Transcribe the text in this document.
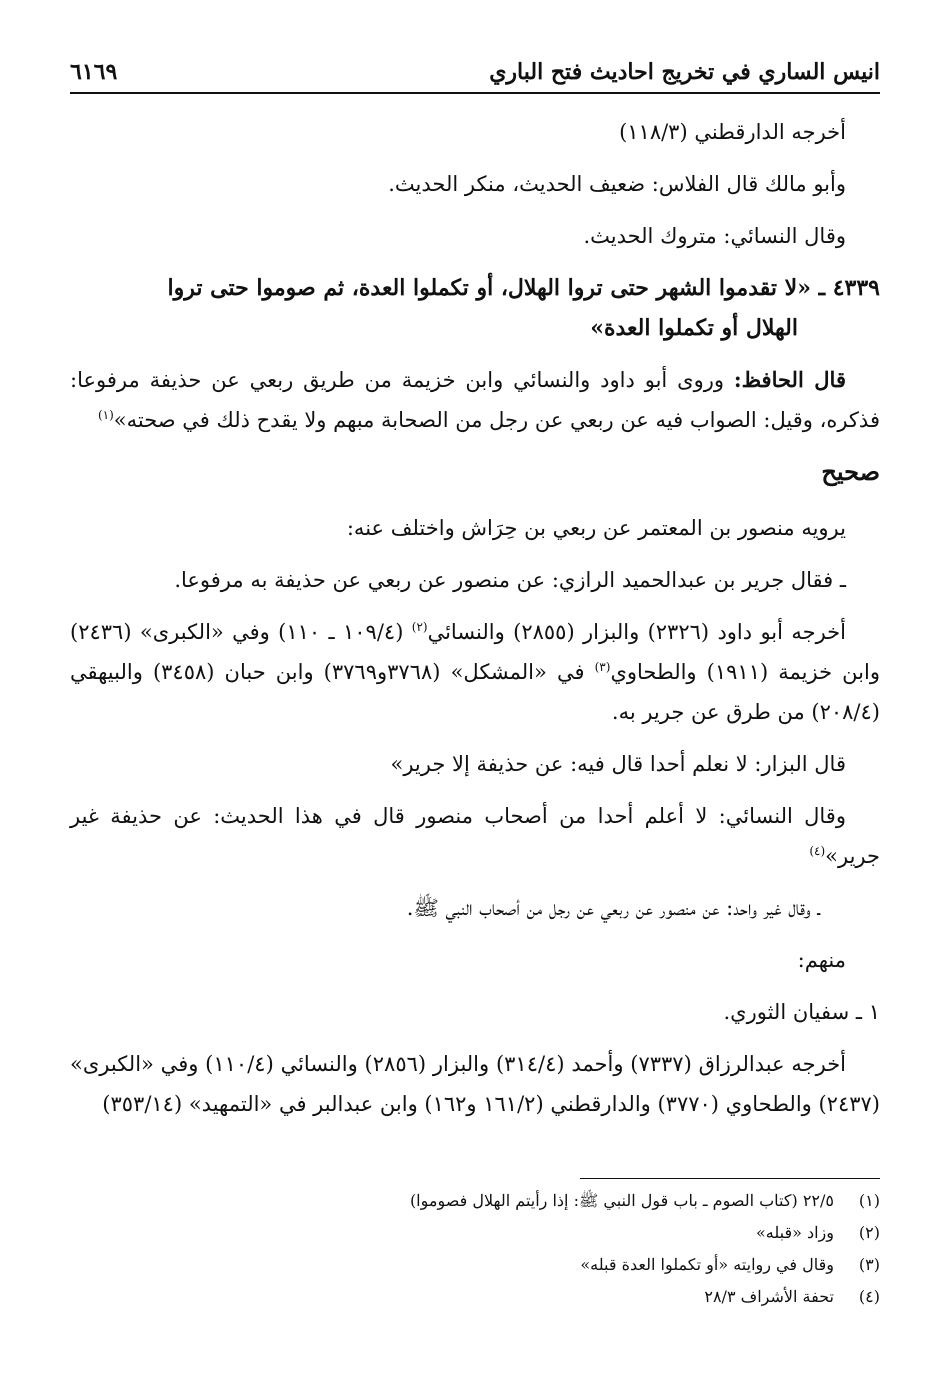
انيس الساري في تخريج احاديث فتح الباري
٦١٦٩

أخرجه الدارقطني (١١٨/٣)

وأبو مالك قال الفلاس: ضعيف الحديث، منكر الحديث.

وقال النسائي: متروك الحديث.

٤٣٣٩ ـ «لا تقدموا الشهر حتى تروا الهلال، أو تكملوا العدة، ثم صوموا حتى تروا
الهلال أو تكملوا العدة»

قال الحافظ: وروى أبو داود والنسائي وابن خزيمة من طريق ربعي عن حذيفة مرفوعا: فذكره، وقيل: الصواب فيه عن ربعي عن رجل من الصحابة مبهم ولا يقدح ذلك في صحته»$^{(١)}$

صحيح

يرويه منصور بن المعتمر عن ربعي بن حِرَاش واختلف عنه:

ـ فقال جرير بن عبدالحميد الرازي: عن منصور عن ربعي عن حذيفة به مرفوعا.

أخرجه أبو داود (٢٣٢٦) والبزار (٢٨٥٥) والنسائي$^{(٢)}$ (١٠٩/٤ ـ ١١٠) وفي «الكبرى» (٢٤٣٦) وابن خزيمة (١٩١١) والطحاوي$^{(٣)}$ في «المشكل» (٣٧٦٨و٣٧٦٩) وابن حبان (٣٤٥٨) والبيهقي (٢٠٨/٤) من طرق عن جرير به.

قال البزار: لا نعلم أحدا قال فيه: عن حذيفة إلا جرير»

وقال النسائي: لا أعلم أحدا من أصحاب منصور قال في هذا الحديث: عن حذيفة غير جرير»$^{(٤)}$

ـ وقال غير واحد: عن منصور عن ربعي عن رجل من أصحاب النبي ﷺ.

منهم:

١ ـ سفيان الثوري.

أخرجه عبدالرزاق (٧٣٣٧) وأحمد (٣١٤/٤) والبزار (٢٨٥٦) والنسائي (١١٠/٤) وفي «الكبرى» (٢٤٣٧) والطحاوي (٣٧٧٠) والدارقطني (١٦١/٢ و١٦٢) وابن عبدالبر في «التمهيد» (٣٥٣/١٤)

(١)
٢٢/٥ (كتاب الصوم ـ باب قول النبي ﷺ: إذا رأيتم الهلال فصوموا)
(٢)
وزاد «قبله»
(٣)
وقال في روايته «أو تكملوا العدة قبله»
(٤)
تحفة الأشراف ٢٨/٣
